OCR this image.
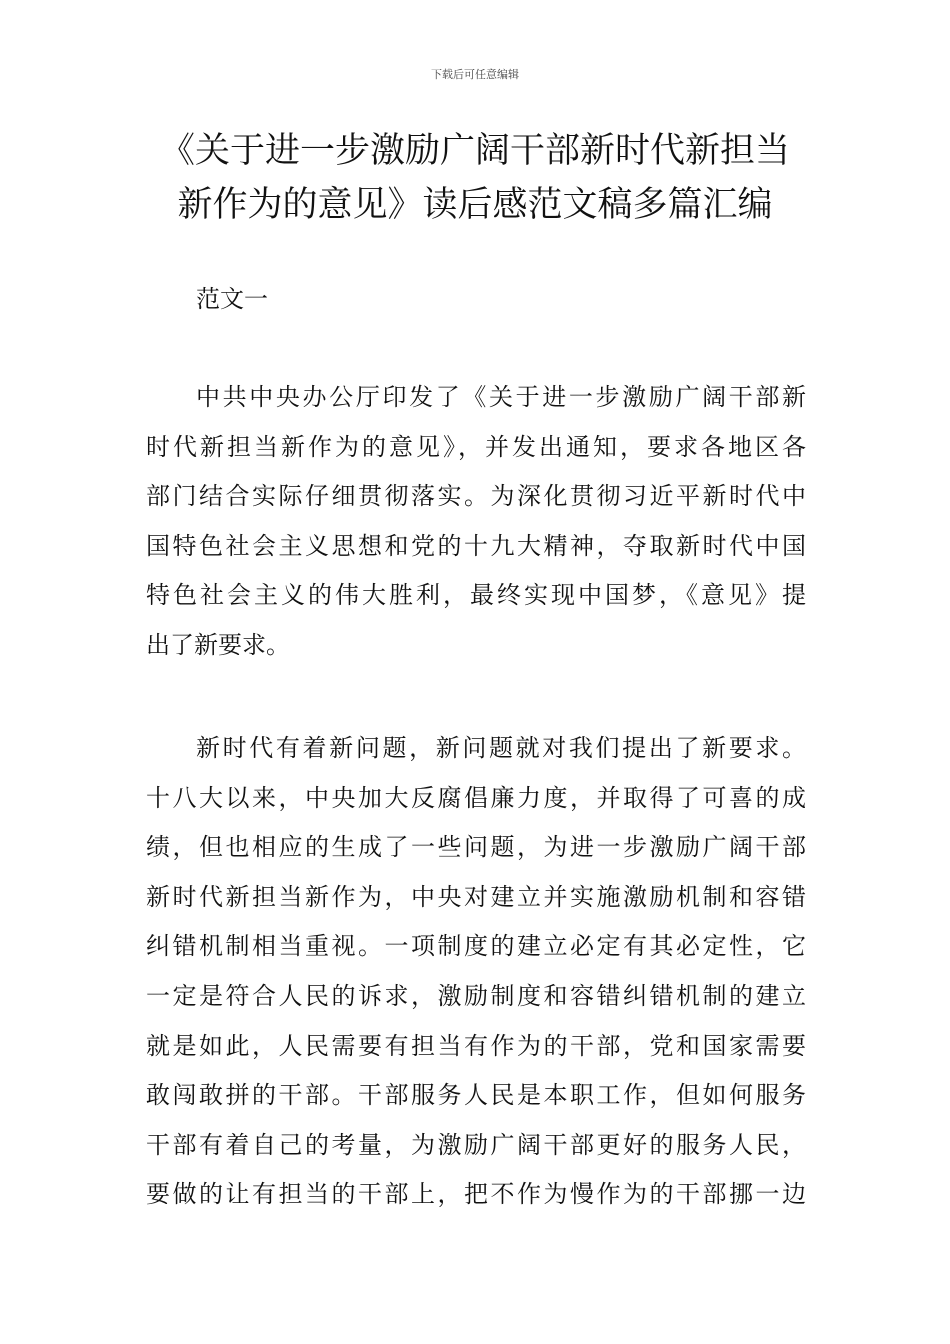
下载后可任意编辑
《关于进一步激励广阔干部新时代新担当
新作为的意见》读后感范文稿多篇汇编
范文一
中共中央办公厅印发了《关于进一步激励广阔干部新
时代新担当新作为的意见》，并发出通知，要求各地区各
部门结合实际仔细贯彻落实。为深化贯彻习近平新时代中
国特色社会主义思想和党的十九大精神，夺取新时代中国
特色社会主义的伟大胜利，最终实现中国梦，《意见》提
出了新要求。
新时代有着新问题，新问题就对我们提出了新要求。
十八大以来，中央加大反腐倡廉力度，并取得了可喜的成
绩，但也相应的生成了一些问题，为进一步激励广阔干部
新时代新担当新作为，中央对建立并实施激励机制和容错
纠错机制相当重视。一项制度的建立必定有其必定性，它
一定是符合人民的诉求，激励制度和容错纠错机制的建立
就是如此，人民需要有担当有作为的干部，党和国家需要
敢闯敢拼的干部。干部服务人民是本职工作，但如何服务
干部有着自己的考量，为激励广阔干部更好的服务人民，
要做的让有担当的干部上，把不作为慢作为的干部挪一边
